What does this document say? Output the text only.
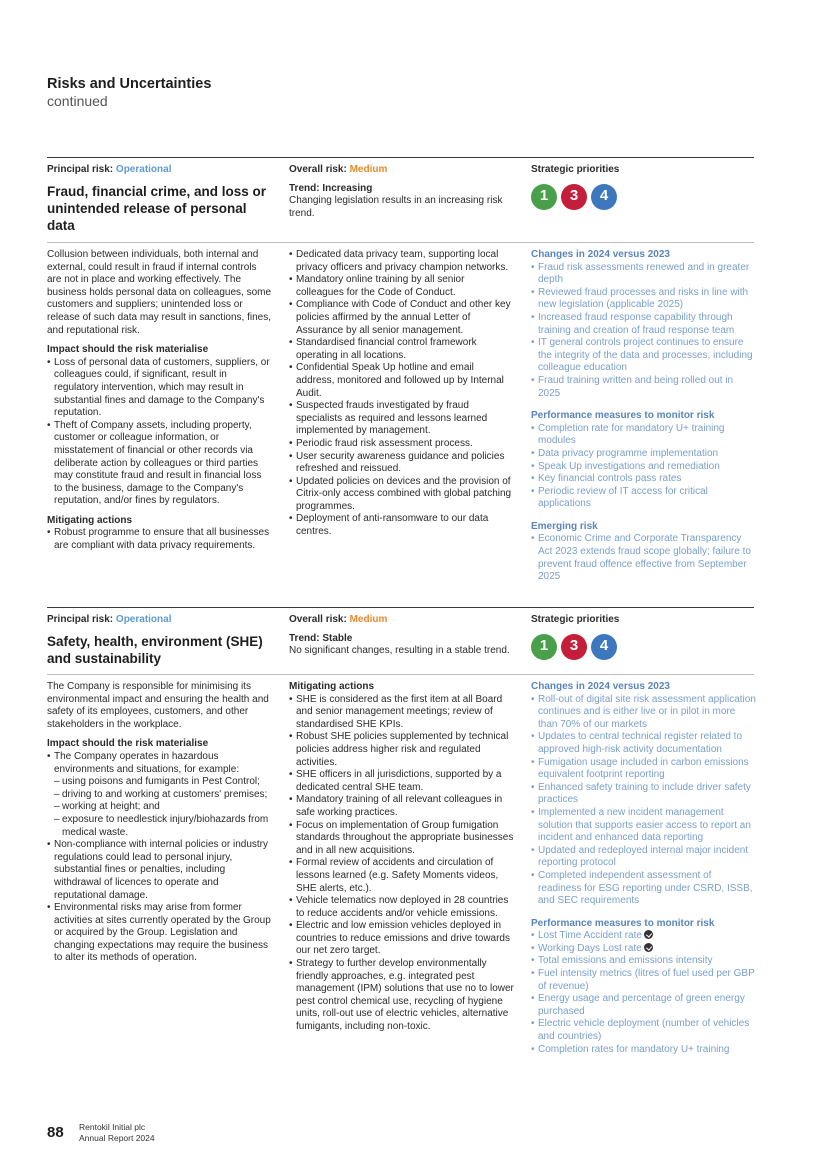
Risks and Uncertainties
continued
Principal risk: Operational
Fraud, financial crime, and loss or unintended release of personal data
Overall risk: Medium
Trend: Increasing
Changing legislation results in an increasing risk trend.
Strategic priorities
1	3	4

Collusion between individuals, both internal and external, could result in fraud if internal controls are not in place and working effectively. The business holds personal data on colleagues, some customers and suppliers; unintended loss or release of such data may result in sanctions, fines, and reputational risk.

Impact should the risk materialise
• Loss of personal data of customers, suppliers, or colleagues could, if significant, result in regulatory intervention, which may result in substantial fines and damage to the Company's reputation.
• Theft of Company assets, including property, customer or colleague information, or misstatement of financial or other records via deliberate action by colleagues or third parties may constitute fraud and result in financial loss to the business, damage to the Company's reputation, and/or fines by regulators.
Mitigating actions
• Robust programme to ensure that all businesses are compliant with data privacy requirements.
• Dedicated data privacy team, supporting local privacy officers and privacy champion networks.
• Mandatory online training by all senior colleagues for the Code of Conduct.
• Compliance with Code of Conduct and other key policies affirmed by the annual Letter of Assurance by all senior management.
• Standardised financial control framework operating in all locations.
• Confidential Speak Up hotline and email address, monitored and followed up by Internal Audit.
• Suspected frauds investigated by fraud specialists as required and lessons learned implemented by management.
• Periodic fraud risk assessment process.
• User security awareness guidance and policies refreshed and reissued.
• Updated policies on devices and the provision of Citrix-only access combined with global patching programmes.
• Deployment of anti-ransomware to our data centres.
Changes in 2024 versus 2023
• Fraud risk assessments renewed and in greater depth
• Reviewed fraud processes and risks in line with new legislation (applicable 2025)
• Increased fraud response capability through training and creation of fraud response team
• IT general controls project continues to ensure the integrity of the data and processes, including colleague education
• Fraud training written and being rolled out in 2025
Performance measures to monitor risk
• Completion rate for mandatory U+ training modules
• Data privacy programme implementation
• Speak Up investigations and remediation
• Key financial controls pass rates
• Periodic review of IT access for critical applications
Emerging risk
• Economic Crime and Corporate Transparency Act 2023 extends fraud scope globally; failure to prevent fraud offence effective from September 2025
Principal risk: Operational
Safety, health, environment (SHE) and sustainability
Overall risk: Medium
Trend: Stable
No significant changes, resulting in a stable trend.
Strategic priorities
1	3	4

The Company is responsible for minimising its environmental impact and ensuring the health and safety of its employees, customers, and other stakeholders in the workplace.

Impact should the risk materialise
• The Company operates in hazardous environments and situations, for example:
– using poisons and fumigants in Pest Control;
– driving to and working at customers' premises;
– working at height; and
– exposure to needlestick injury/biohazards from medical waste.
• Non-compliance with internal policies or industry regulations could lead to personal injury, substantial fines or penalties, including withdrawal of licences to operate and reputational damage.
• Environmental risks may arise from former activities at sites currently operated by the Group or acquired by the Group. Legislation and changing expectations may require the business to alter its methods of operation.
Mitigating actions
• SHE is considered as the first item at all Board and senior management meetings; review of standardised SHE KPIs.
• Robust SHE policies supplemented by technical policies address higher risk and regulated activities.
• SHE officers in all jurisdictions, supported by a dedicated central SHE team.
• Mandatory training of all relevant colleagues in safe working practices.
• Focus on implementation of Group fumigation standards throughout the appropriate businesses and in all new acquisitions.
• Formal review of accidents and circulation of lessons learned (e.g. Safety Moments videos, SHE alerts, etc.).
• Vehicle telematics now deployed in 28 countries to reduce accidents and/or vehicle emissions.
• Electric and low emission vehicles deployed in countries to reduce emissions and drive towards our net zero target.
• Strategy to further develop environmentally friendly approaches, e.g. integrated pest management (IPM) solutions that use no to lower pest control chemical use, recycling of hygiene units, roll-out use of electric vehicles, alternative fumigants, including non-toxic.
Changes in 2024 versus 2023
• Roll-out of digital site risk assessment application continues and is either live or in pilot in more than 70% of our markets
• Updates to central technical register related to approved high-risk activity documentation
• Fumigation usage included in carbon emissions equivalent footprint reporting
• Enhanced safety training to include driver safety practices
• Implemented a new incident management solution that supports easier access to report an incident and enhanced data reporting
• Updated and redeployed internal major incident reporting protocol
• Completed independent assessment of readiness for ESG reporting under CSRD, ISSB, and SEC requirements
Performance measures to monitor risk
• Lost Time Accident rate
• Working Days Lost rate
• Total emissions and emissions intensity
• Fuel intensity metrics (litres of fuel used per GBP of revenue)
• Energy usage and percentage of green energy purchased
• Electric vehicle deployment (number of vehicles and countries)
• Completion rates for mandatory U+ training
88 Rentokil Initial plc
Annual Report 2024
